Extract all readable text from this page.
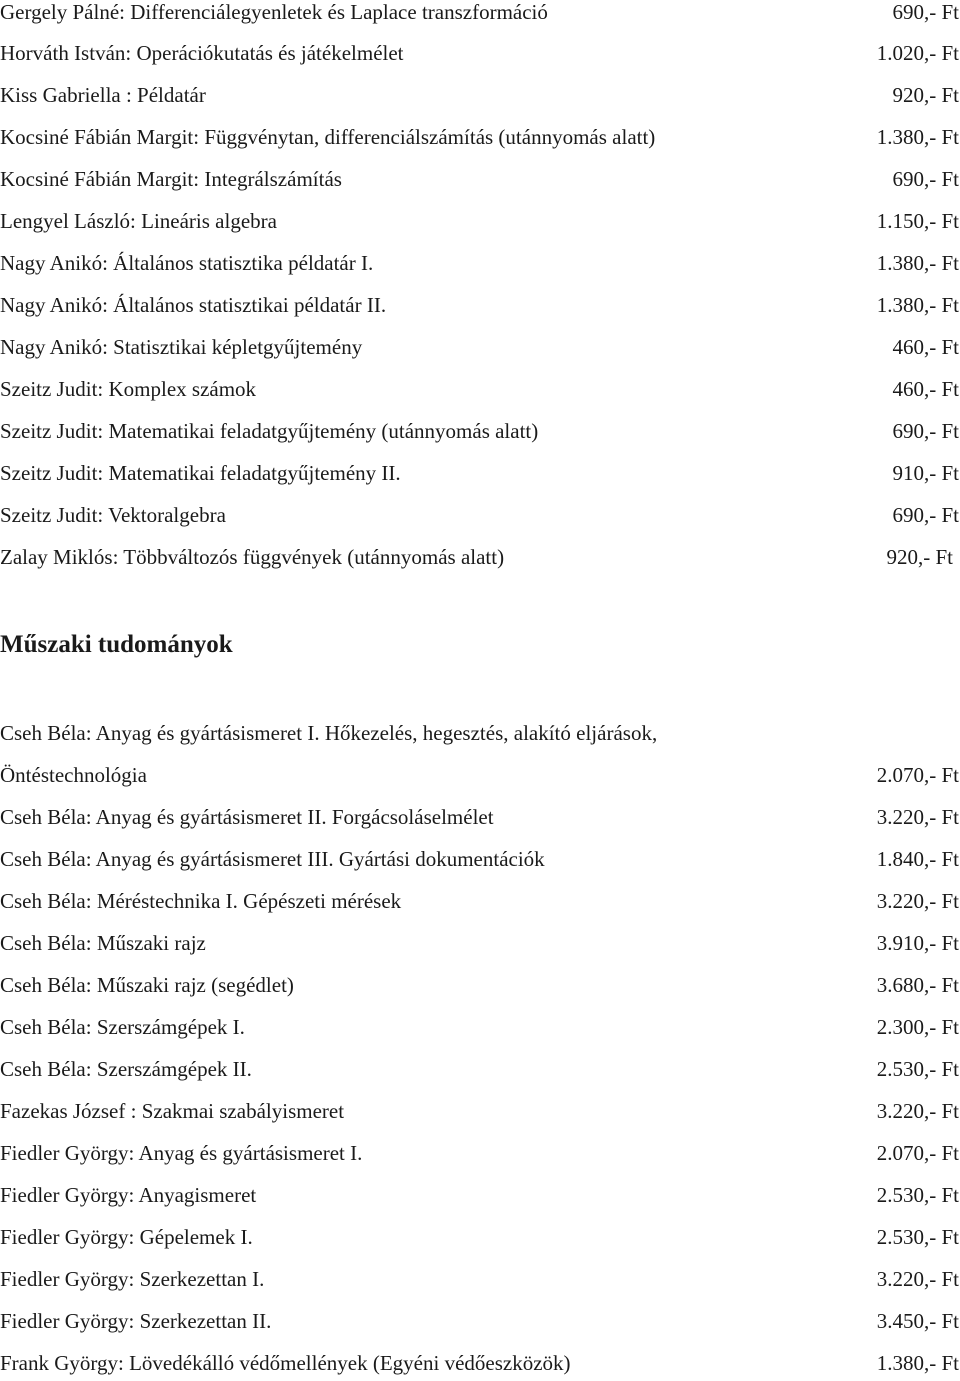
Gergely Pálné: Differenciálegyenletek és Laplace transzformáció	690,- Ft
Horváth István: Operációkutatás és játékelmélet	1.020,- Ft
Kiss Gabriella : Példatár	920,- Ft
Kocsiné Fábián Margit: Függvénytan, differenciálszámítás (utánnyomás alatt)	1.380,- Ft
Kocsiné Fábián Margit: Integrálszámítás	690,- Ft
Lengyel László: Lineáris algebra	1.150,- Ft
Nagy Anikó: Általános statisztika példatár I.	1.380,- Ft
Nagy Anikó: Általános statisztikai példatár II.	1.380,- Ft
Nagy Anikó: Statisztikai képletgyűjtemény	460,- Ft
Szeitz Judit: Komplex számok	460,- Ft
Szeitz Judit: Matematikai feladatgyűjtemény (utánnyomás alatt)	690,- Ft
Szeitz Judit: Matematikai feladatgyűjtemény II.	910,- Ft
Szeitz Judit: Vektoralgebra	690,- Ft
Zalay Miklós: Többváltozós függvények (utánnyomás alatt)	920,- Ft
Műszaki tudományok
Cseh Béla: Anyag és gyártásismeret I. Hőkezelés, hegesztés, alakító eljárások,
Öntéstechnológia	2.070,- Ft
Cseh Béla: Anyag és gyártásismeret II. Forgácsoláselmélet	3.220,- Ft
Cseh Béla: Anyag és gyártásismeret III. Gyártási dokumentációk	1.840,- Ft
Cseh Béla: Méréstechnika I. Gépészeti mérések	3.220,- Ft
Cseh Béla: Műszaki rajz	3.910,- Ft
Cseh Béla: Műszaki rajz (segédlet)	3.680,- Ft
Cseh Béla: Szerszámgépek I.	2.300,- Ft
Cseh Béla: Szerszámgépek II.	2.530,- Ft
Fazekas József : Szakmai szabályismeret	3.220,- Ft
Fiedler György: Anyag és gyártásismeret I.	2.070,- Ft
Fiedler György: Anyagismeret	2.530,- Ft
Fiedler György: Gépelemek I.	2.530,- Ft
Fiedler György: Szerkezettan I.	3.220,- Ft
Fiedler György: Szerkezettan II.	3.450,- Ft
Frank György: Lövedékálló védőmellények (Egyéni védőeszközök)	1.380,- Ft
